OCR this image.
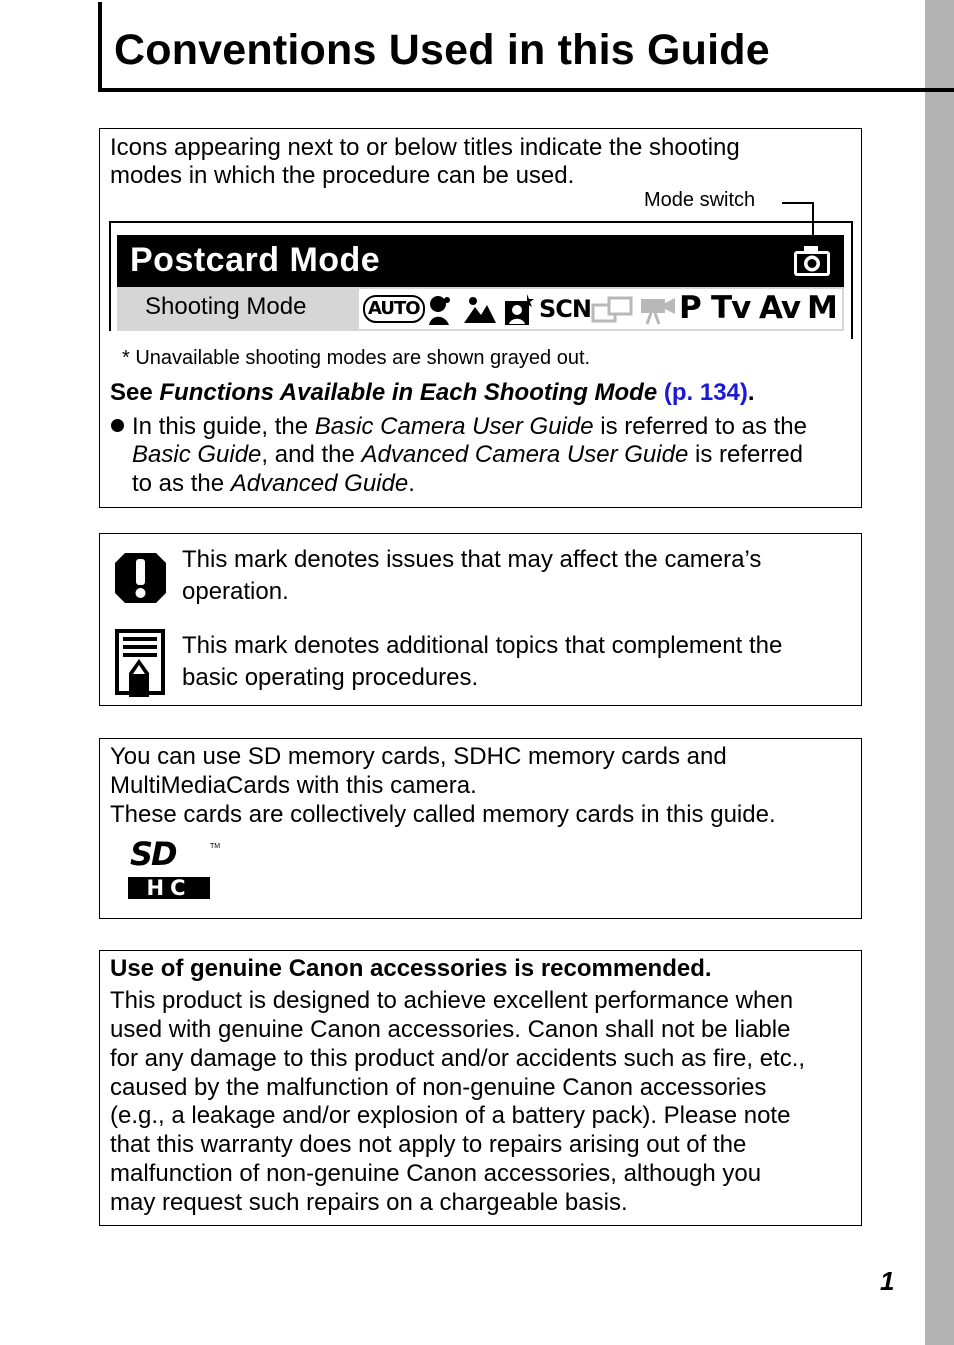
Conventions Used in this Guide
Icons appearing next to or below titles indicate the shooting
modes in which the procedure can be used.
Mode switch
Postcard Mode
Shooting Mode	AUTO	SCN	P Tv Av M
* Unavailable shooting modes are shown grayed out.
See Functions Available in Each Shooting Mode (p. 134).
In this guide, the Basic Camera User Guide is referred to as the
Basic Guide, and the Advanced Camera User Guide is referred
to as the Advanced Guide.
This mark denotes issues that may affect the camera’s
operation.
This mark denotes additional topics that complement the
basic operating procedures.
You can use SD memory cards, SDHC memory cards and
MultiMediaCards with this camera.
These cards are collectively called memory cards in this guide.
SD	TM
HC
Use of genuine Canon accessories is recommended.
This product is designed to achieve excellent performance when
used with genuine Canon accessories. Canon shall not be liable
for any damage to this product and/or accidents such as fire, etc.,
caused by the malfunction of non-genuine Canon accessories
(e.g., a leakage and/or explosion of a battery pack). Please note
that this warranty does not apply to repairs arising out of the
malfunction of non-genuine Canon accessories, although you
may request such repairs on a chargeable basis.
1
